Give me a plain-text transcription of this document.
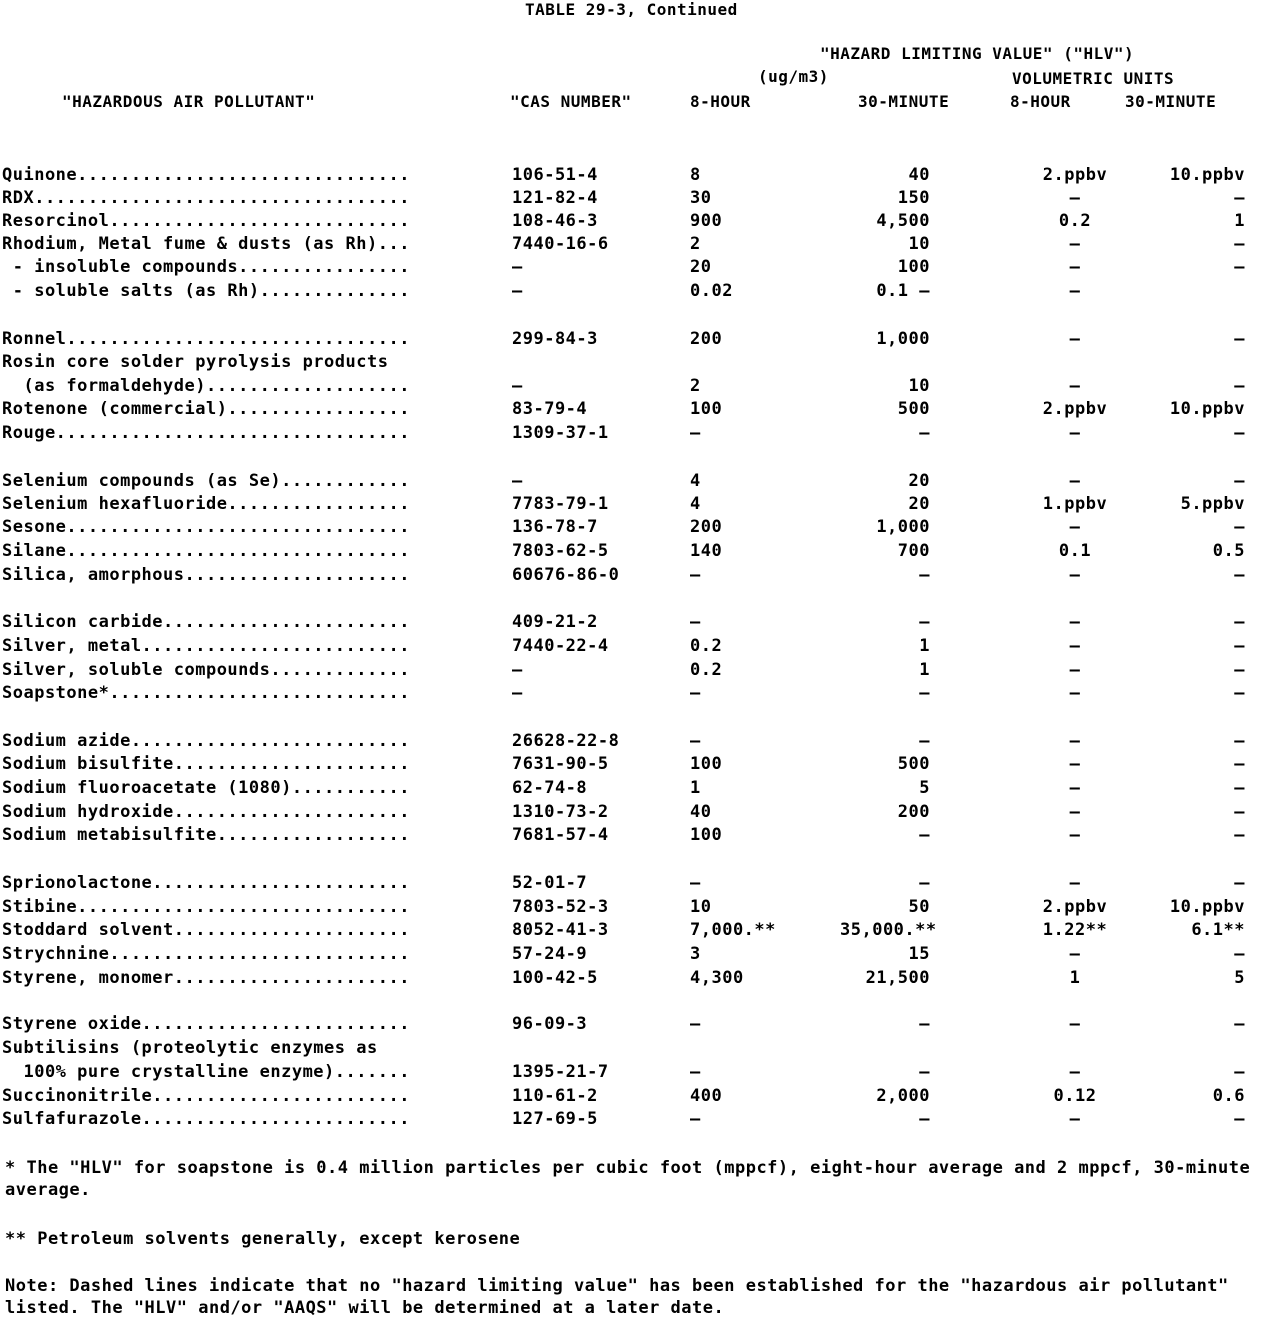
TABLE 29-3, Continued
"HAZARD LIMITING VALUE" ("HLV")
(ug/m3)	VOLUMETRIC UNITS
"HAZARDOUS AIR POLLUTANT"	"CAS NUMBER"	8-HOUR	30-MINUTE	8-HOUR	30-MINUTE
Quinone...............................	106-51-4	8	40	2.ppbv	10.ppbv
RDX...................................	121-82-4	30	150	—	—
Resorcinol............................	108-46-3	900	4,500	0.2	1
Rhodium, Metal fume & dusts (as Rh)...	7440-16-6	2	10	—	—
- insoluble compounds................	—	20	100	—	—
- soluble salts (as Rh)..............	—	0.02	0.1 —	—
Ronnel................................	299-84-3	200	1,000	—	—
Rosin core solder pyrolysis products
(as formaldehyde)...................	—	2	10	—	—
Rotenone (commercial).................	83-79-4	100	500	2.ppbv	10.ppbv
Rouge.................................	1309-37-1	—	—	—	—
Selenium compounds (as Se)............	—	4	20	—	—
Selenium hexafluoride.................	7783-79-1	4	20	1.ppbv	5.ppbv
Sesone................................	136-78-7	200	1,000	—	—
Silane................................	7803-62-5	140	700	0.1	0.5
Silica, amorphous.....................	60676-86-0	—	—	—	—
Silicon carbide.......................	409-21-2	—	—	—	—
Silver, metal.........................	7440-22-4	0.2	1	—	—
Silver, soluble compounds.............	—	0.2	1	—	—
Soapstone*............................	—	—	—	—	—
Sodium azide..........................	26628-22-8	—	—	—	—
Sodium bisulfite......................	7631-90-5	100	500	—	—
Sodium fluoroacetate (1080)...........	62-74-8	1	5	—	—
Sodium hydroxide......................	1310-73-2	40	200	—	—
Sodium metabisulfite..................	7681-57-4	100	—	—	—
Sprionolactone........................	52-01-7	—	—	—	—
Stibine...............................	7803-52-3	10	50	2.ppbv	10.ppbv
Stoddard solvent......................	8052-41-3	7,000.**	35,000.**	1.22**	6.1**
Strychnine............................	57-24-9	3	15	—	—
Styrene, monomer......................	100-42-5	4,300	21,500	1	5
Styrene oxide.........................	96-09-3	—	—	—	—
Subtilisins (proteolytic enzymes as
100% pure crystalline enzyme).......	1395-21-7	—	—	—	—
Succinonitrile........................	110-61-2	400	2,000	0.12	0.6
Sulfafurazole.........................	127-69-5	—	—	—	—
* The "HLV" for soapstone is 0.4 million particles per cubic foot (mppcf), eight-hour average and 2 mppcf, 30-minute average.
** Petroleum solvents generally, except kerosene
Note: Dashed lines indicate that no "hazard limiting value" has been established for the "hazardous air pollutant" listed. The "HLV" and/or "AAQS" will be determined at a later date.
